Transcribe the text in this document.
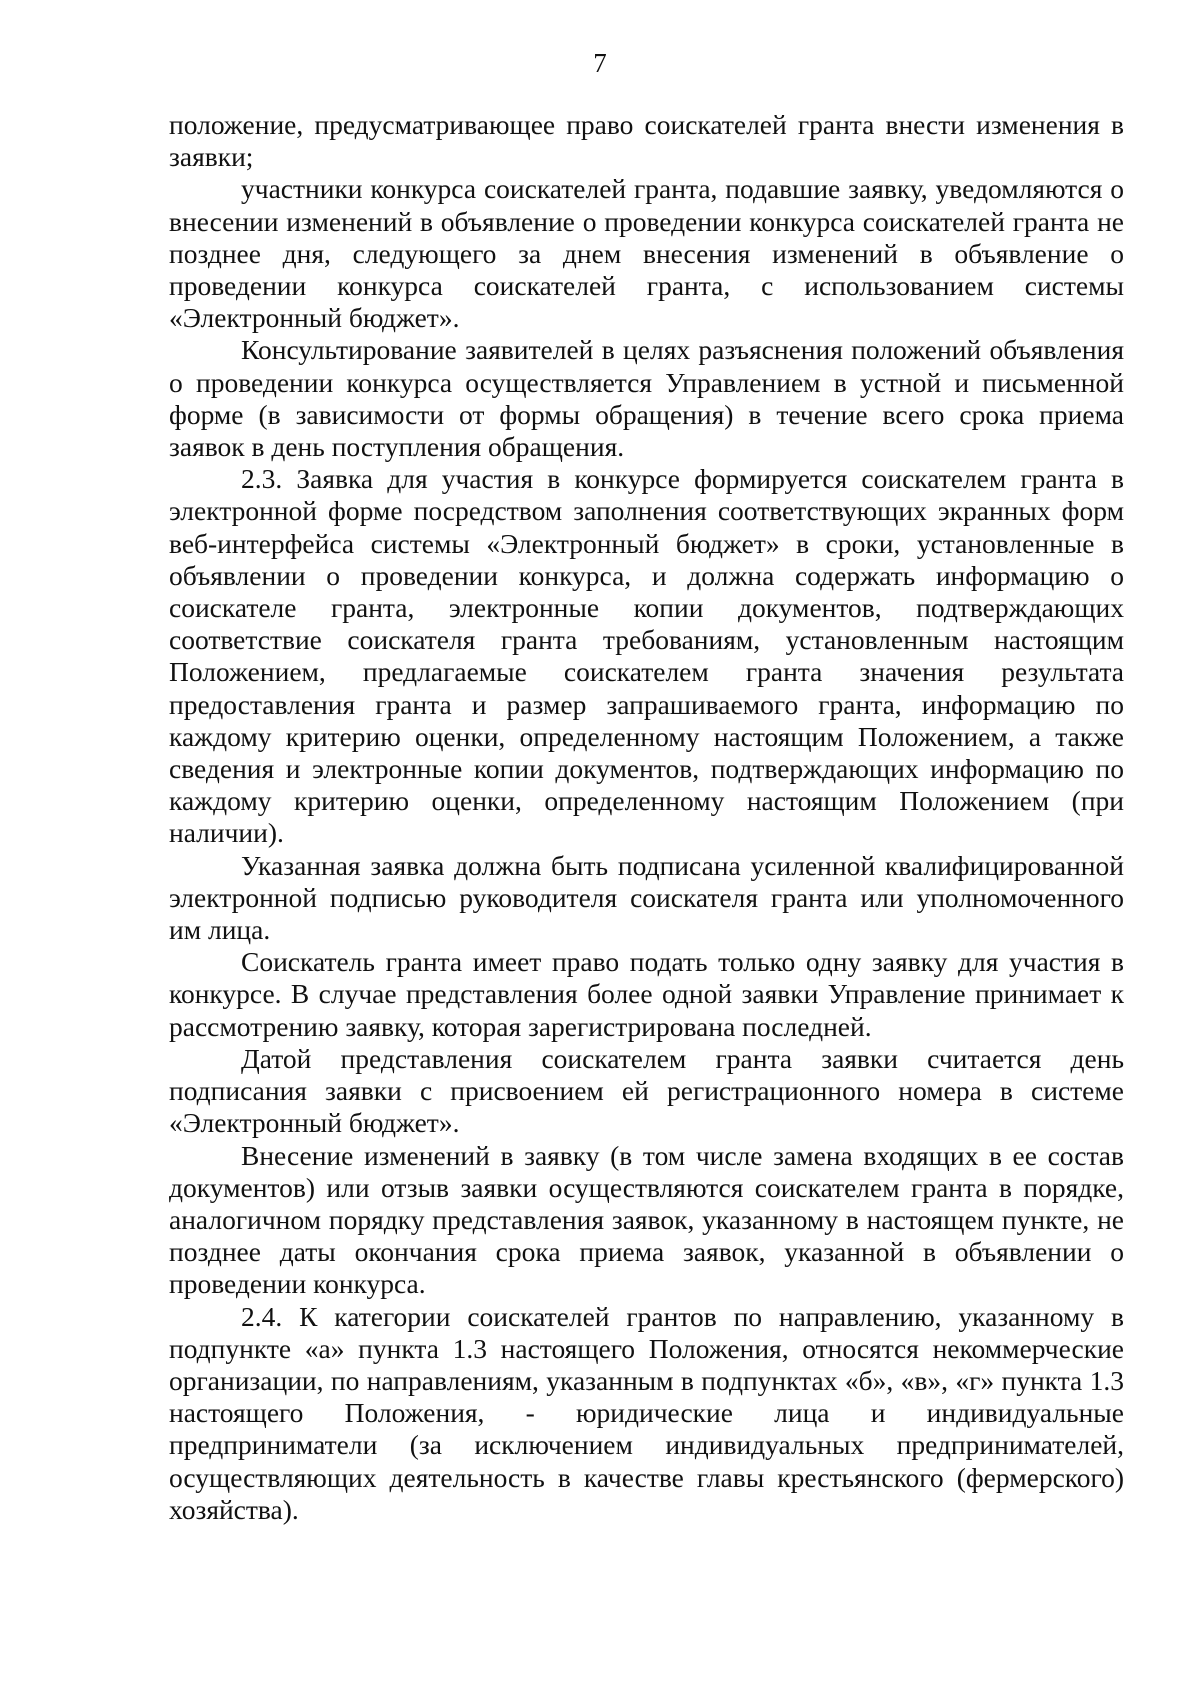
7

положение, предусматривающее право соискателей гранта внести изменения в заявки;

участники конкурса соискателей гранта, подавшие заявку, уведомляются о внесении изменений в объявление о проведении конкурса соискателей гранта не позднее дня, следующего за днем внесения изменений в объявление о проведении конкурса соискателей гранта, с использованием системы «Электронный бюджет».

Консультирование заявителей в целях разъяснения положений объявления о проведении конкурса осуществляется Управлением в устной и письменной форме (в зависимости от формы обращения) в течение всего срока приема заявок в день поступления обращения.

2.3. Заявка для участия в конкурсе формируется соискателем гранта в электронной форме посредством заполнения соответствующих экранных форм веб-интерфейса системы «Электронный бюджет» в сроки, установленные в объявлении о проведении конкурса, и должна содержать информацию о соискателе гранта, электронные копии документов, подтверждающих соответствие соискателя гранта требованиям, установленным настоящим Положением, предлагаемые соискателем гранта значения результата предоставления гранта и размер запрашиваемого гранта, информацию по каждому критерию оценки, определенному настоящим Положением, а также сведения и электронные копии документов, подтверждающих информацию по каждому критерию оценки, определенному настоящим Положением (при наличии).

Указанная заявка должна быть подписана усиленной квалифицированной электронной подписью руководителя соискателя гранта или уполномоченного им лица.

Соискатель гранта имеет право подать только одну заявку для участия в конкурсе. В случае представления более одной заявки Управление принимает к рассмотрению заявку, которая зарегистрирована последней.

Датой представления соискателем гранта заявки считается день подписания заявки с присвоением ей регистрационного номера в системе «Электронный бюджет».

Внесение изменений в заявку (в том числе замена входящих в ее состав документов) или отзыв заявки осуществляются соискателем гранта в порядке, аналогичном порядку представления заявок, указанному в настоящем пункте, не позднее даты окончания срока приема заявок, указанной в объявлении о проведении конкурса.

2.4. К категории соискателей грантов по направлению, указанному в подпункте «а» пункта 1.3 настоящего Положения, относятся некоммерческие организации, по направлениям, указанным в подпунктах «б», «в», «г» пункта 1.3 настоящего Положения, - юридические лица и индивидуальные предприниматели (за исключением индивидуальных предпринимателей, осуществляющих деятельность в качестве главы крестьянского (фермерского) хозяйства).
